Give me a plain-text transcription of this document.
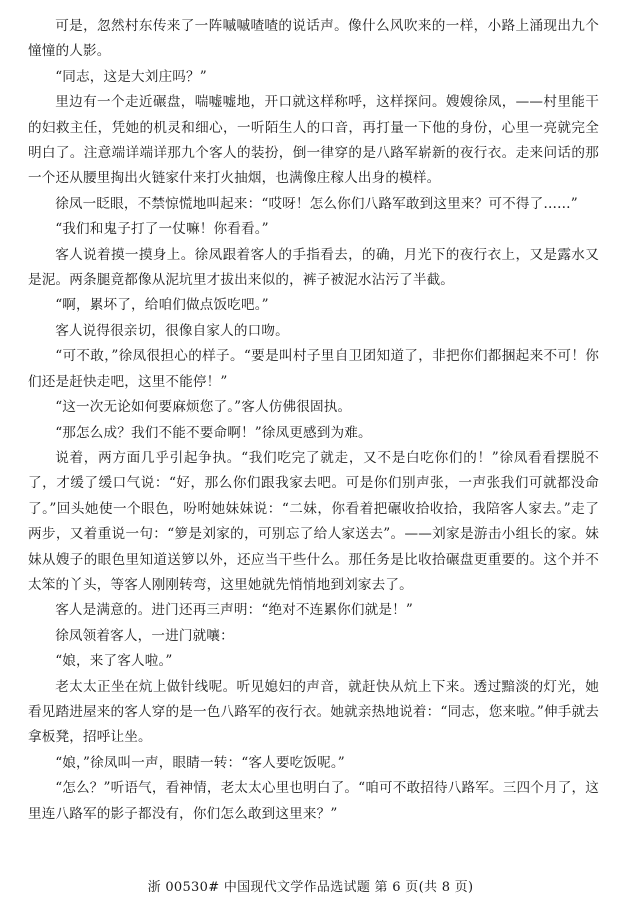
可是，忽然村东传来了一阵嘁嘁喳喳的说话声。像什么风吹来的一样，小路上涌现出九个憧憧的人影。

“同志，这是大刘庄吗？”

里边有一个走近碾盘，喘嘘嘘地，开口就这样称呼，这样探问。嫂嫂徐凤，——村里能干的妇救主任，凭她的机灵和细心，一听陌生人的口音，再打量一下他的身份，心里一亮就完全明白了。注意端详端详那九个客人的装扮，倒一律穿的是八路军崭新的夜行衣。走来问话的那一个还从腰里掏出火链家什来打火抽烟，也满像庄稼人出身的模样。

徐凤一眨眼，不禁惊慌地叫起来：“哎呀！怎么你们八路军敢到这里来？可不得了……”

“我们和鬼子打了一仗嘛！你看看。”

客人说着摸一摸身上。徐凤跟着客人的手指看去，的确，月光下的夜行衣上，又是露水又是泥。两条腿竟都像从泥坑里才拔出来似的，裤子被泥水沾污了半截。

“啊，累坏了，给咱们做点饭吃吧。”

客人说得很亲切，很像自家人的口吻。

“可不敢，”徐凤很担心的样子。“要是叫村子里自卫团知道了，非把你们都捆起来不可！你们还是赶快走吧，这里不能停！”

“这一次无论如何要麻烦您了。”客人仿佛很固执。

“那怎么成？我们不能不要命啊！”徐凤更感到为难。

说着，两方面几乎引起争执。“我们吃完了就走，又不是白吃你们的！”徐凤看看摆脱不了，才缓了缓口气说：“好，那么你们跟我家去吧。可是你们别声张，一声张我们可就都没命了。”回头她使一个眼色，吩咐她妹妹说：“二妹，你看着把碾收拾收拾，我陪客人家去。”走了两步，又着重说一句：“箩是刘家的，可别忘了给人家送去”。——刘家是游击小组长的家。妹妹从嫂子的眼色里知道送箩以外，还应当干些什么。那任务是比收拾碾盘更重要的。这个并不太笨的丫头，等客人刚刚转弯，这里她就先悄悄地到刘家去了。

客人是满意的。进门还再三声明：“绝对不连累你们就是！”

徐凤领着客人，一进门就嚷：

“娘，来了客人啦。”

老太太正坐在炕上做针线呢。听见媳妇的声音，就赶快从炕上下来。透过黯淡的灯光，她看见踏进屋来的客人穿的是一色八路军的夜行衣。她就亲热地说着：“同志，您来啦。”伸手就去拿板凳，招呼让坐。

“娘，”徐凤叫一声，眼睛一转：“客人要吃饭呢。”

“怎么？”听语气，看神情，老太太心里也明白了。“咱可不敢招待八路军。三四个月了，这里连八路军的影子都没有，你们怎么敢到这里来？”

浙 00530# 中国现代文学作品选试题 第 6 页(共 8 页)
